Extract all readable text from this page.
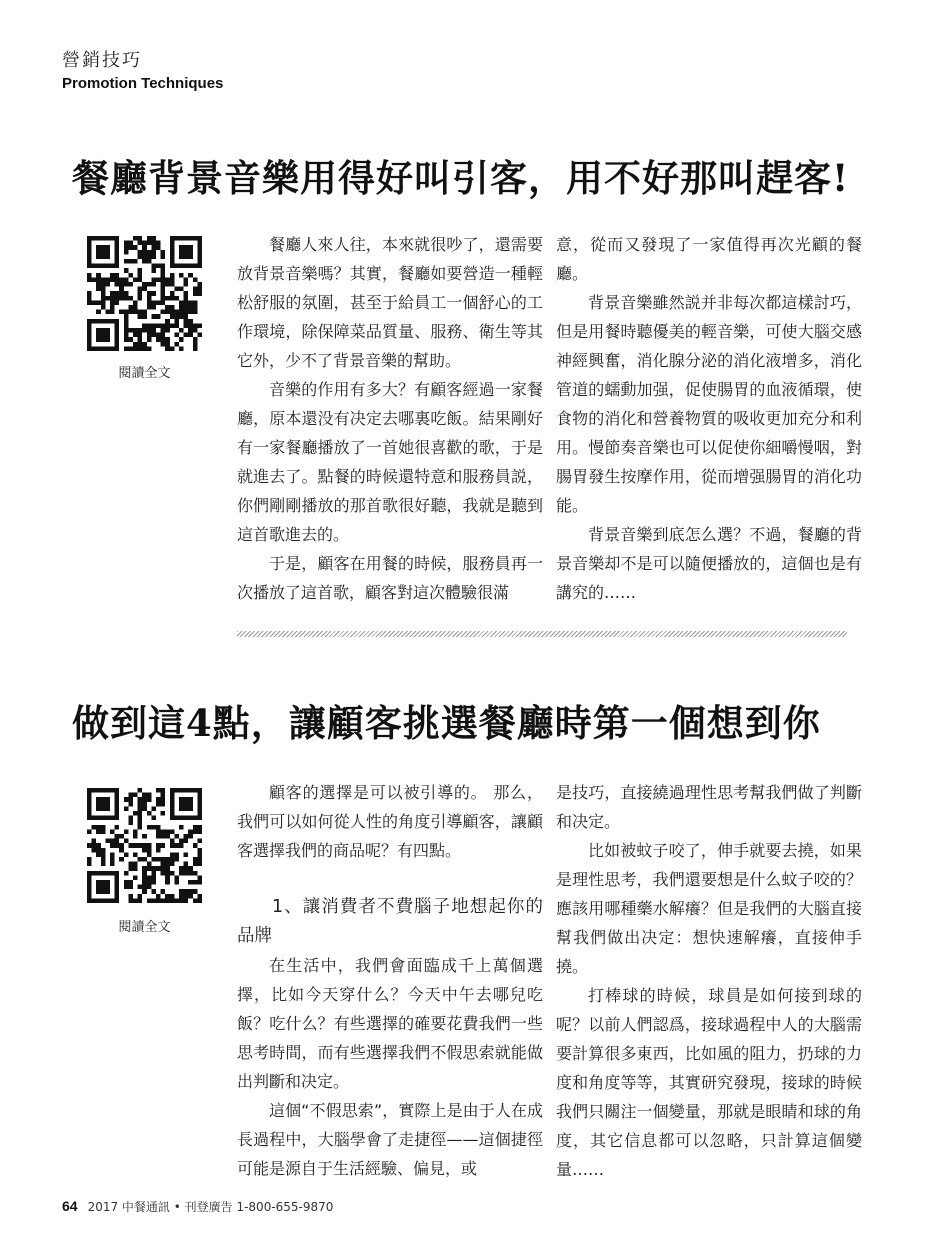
營銷技巧
Promotion Techniques
餐廳背景音樂用得好叫引客，用不好那叫趕客!
閱讀全文

餐廳人來人往，本來就很吵了，還需要放背景音樂嗎？其實，餐廳如要營造一種輕松舒服的氛圍，甚至于給員工一個舒心的工作環境，除保障菜品質量、服務、衛生等其它外，少不了背景音樂的幫助。

音樂的作用有多大？有顧客經過一家餐廳，原本還没有决定去哪裏吃飯。結果剛好有一家餐廳播放了一首她很喜歡的歌，于是就進去了。點餐的時候還特意和服務員説，你們剛剛播放的那首歌很好聽，我就是聽到這首歌進去的。

于是，顧客在用餐的時候，服務員再一次播放了這首歌，顧客對這次體驗很滿

意，從而又發現了一家值得再次光顧的餐廳。

背景音樂雖然説并非每次都這樣討巧，但是用餐時聽優美的輕音樂，可使大腦交感神經興奮，消化腺分泌的消化液增多，消化管道的蠕動加强，促使腸胃的血液循環，使食物的消化和營養物質的吸收更加充分和利用。慢節奏音樂也可以促使你細嚼慢咽，對腸胃發生按摩作用，從而增强腸胃的消化功能。

背景音樂到底怎么選？不過，餐廳的背景音樂却不是可以隨便播放的，這個也是有講究的……

做到這4點，讓顧客挑選餐廳時第一個想到你
閱讀全文

顧客的選擇是可以被引導的。 那么，我們可以如何從人性的角度引導顧客，讓顧客選擇我們的商品呢？有四點。

1、讓消費者不費腦子地想起你的品牌

在生活中，我們會面臨成千上萬個選擇，比如今天穿什么？今天中午去哪兒吃飯？吃什么？有些選擇的確要花費我們一些思考時間，而有些選擇我們不假思索就能做出判斷和决定。

這個“不假思索”，實際上是由于人在成長過程中，大腦學會了走捷徑——這個捷徑可能是源自于生活經驗、偏見，或

是技巧，直接繞過理性思考幫我們做了判斷和决定。

比如被蚊子咬了，伸手就要去撓，如果是理性思考，我們還要想是什么蚊子咬的？應該用哪種藥水解癢？但是我們的大腦直接幫我們做出决定：想快速解癢，直接伸手撓。

打棒球的時候，球員是如何接到球的呢？以前人們認爲，接球過程中人的大腦需要計算很多東西，比如風的阻力，扔球的力度和角度等等，其實研究發現，接球的時候我們只關注一個變量，那就是眼睛和球的角度，其它信息都可以忽略，只計算這個變量……

64 2017 中餐通訊 • 刊登廣告 1-800-655-9870
